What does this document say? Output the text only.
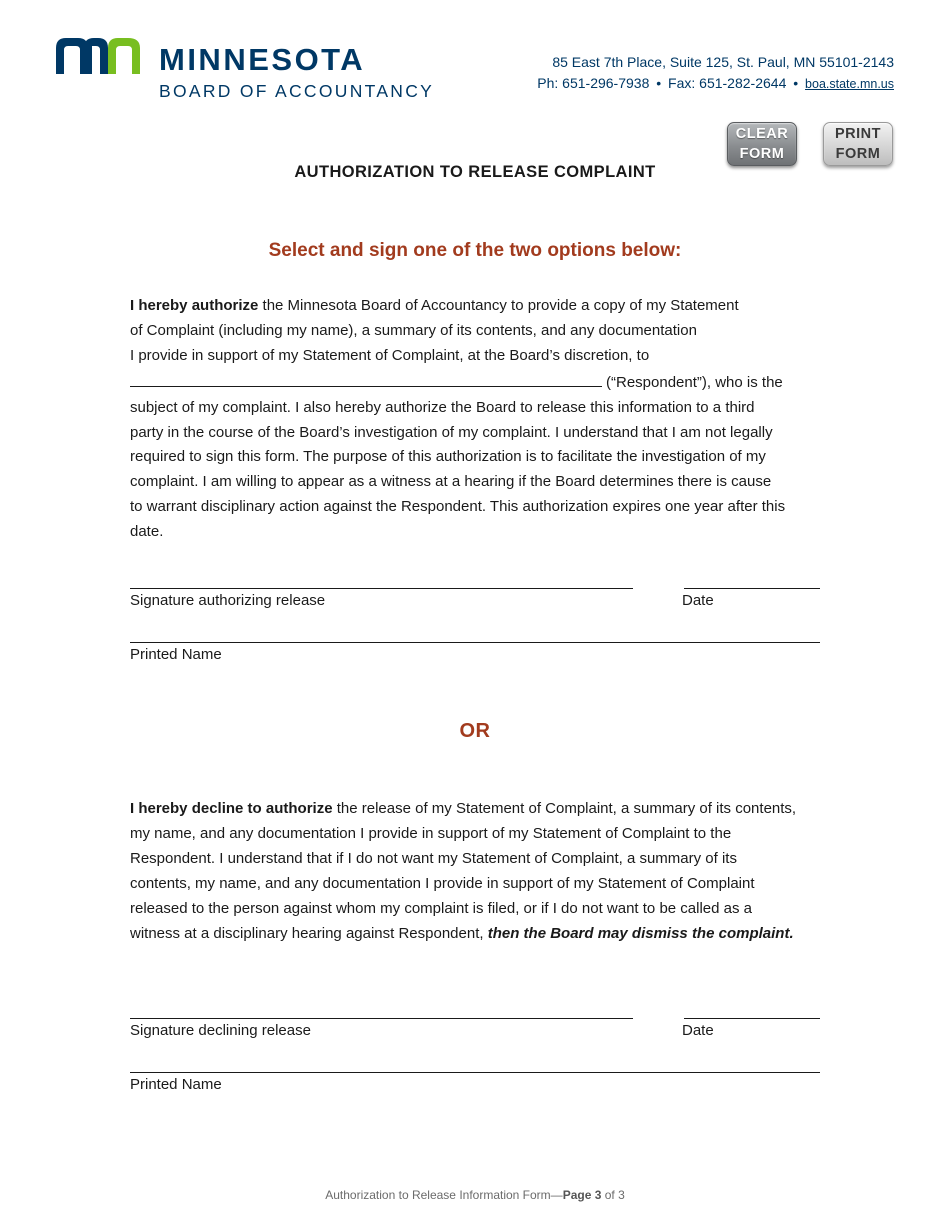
MINNESOTA
BOARD OF ACCOUNTANCY
85 East 7th Place, Suite 125, St. Paul, MN 55101-2143
Ph: 651-296-7938 • Fax: 651-282-2644 • boa.state.mn.us
CLEAR
FORM
PRINT
FORM
AUTHORIZATION TO RELEASE COMPLAINT
Select and sign one of the two options below:
I hereby authorize the Minnesota Board of Accountancy to provide a copy of my Statement
of Complaint (including my name), a summary of its contents, and any documentation
I provide in support of my Statement of Complaint, at the Board’s discretion, to
(“Respondent”), who is the
subject of my complaint. I also hereby authorize the Board to release this information to a third
party in the course of the Board’s investigation of my complaint. I understand that I am not legally
required to sign this form. The purpose of this authorization is to facilitate the investigation of my
complaint. I am willing to appear as a witness at a hearing if the Board determines there is cause
to warrant disciplinary action against the Respondent. This authorization expires one year after this
date.
Signature authorizing release	Date
Printed Name
OR
I hereby decline to authorize the release of my Statement of Complaint, a summary of its contents,
my name, and any documentation I provide in support of my Statement of Complaint to the
Respondent. I understand that if I do not want my Statement of Complaint, a summary of its
contents, my name, and any documentation I provide in support of my Statement of Complaint
released to the person against whom my complaint is filed, or if I do not want to be called as a
witness at a disciplinary hearing against Respondent, then the Board may dismiss the complaint.
Signature declining release	Date
Printed Name
Authorization to Release Information Form—Page 3 of 3
